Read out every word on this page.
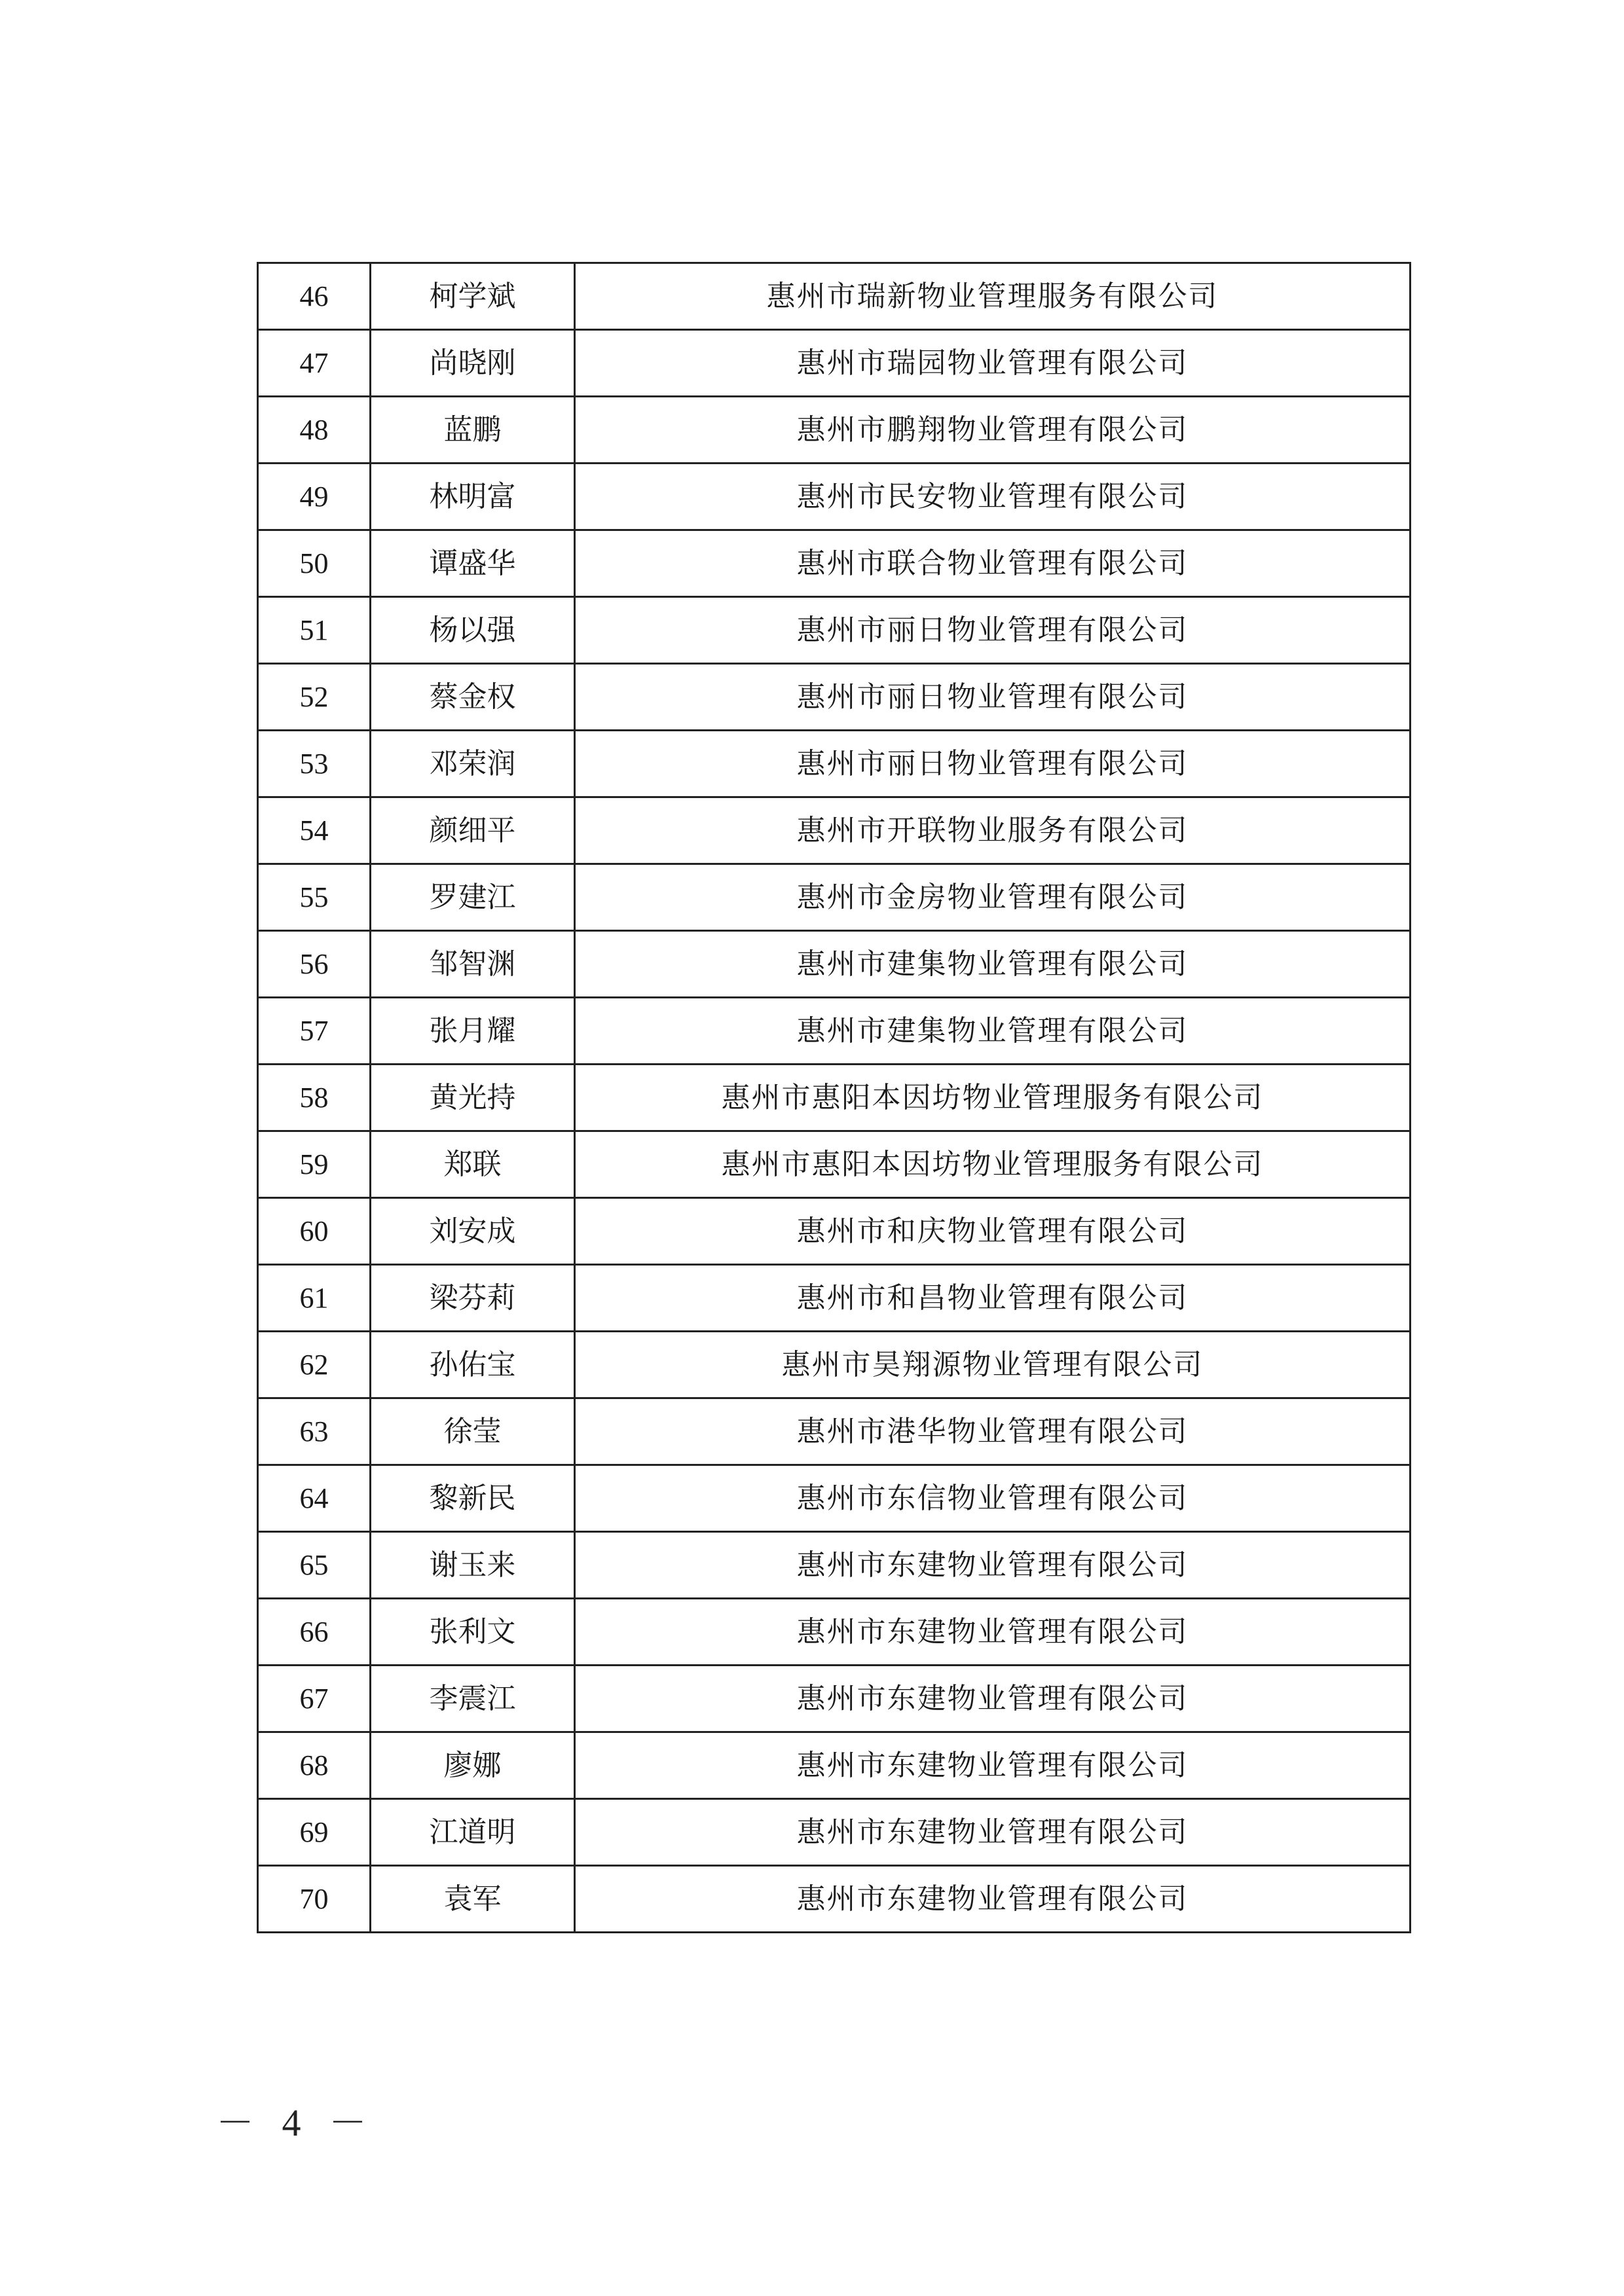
46	柯学斌	惠州市瑞新物业管理服务有限公司
47	尚晓刚	惠州市瑞园物业管理有限公司
48	蓝鹏	惠州市鹏翔物业管理有限公司
49	林明富	惠州市民安物业管理有限公司
50	谭盛华	惠州市联合物业管理有限公司
51	杨以强	惠州市丽日物业管理有限公司
52	蔡金权	惠州市丽日物业管理有限公司
53	邓荣润	惠州市丽日物业管理有限公司
54	颜细平	惠州市开联物业服务有限公司
55	罗建江	惠州市金房物业管理有限公司
56	邹智渊	惠州市建集物业管理有限公司
57	张月耀	惠州市建集物业管理有限公司
58	黄光持	惠州市惠阳本因坊物业管理服务有限公司
59	郑联	惠州市惠阳本因坊物业管理服务有限公司
60	刘安成	惠州市和庆物业管理有限公司
61	梁芬莉	惠州市和昌物业管理有限公司
62	孙佑宝	惠州市昊翔源物业管理有限公司
63	徐莹	惠州市港华物业管理有限公司
64	黎新民	惠州市东信物业管理有限公司
65	谢玉来	惠州市东建物业管理有限公司
66	张利文	惠州市东建物业管理有限公司
67	李震江	惠州市东建物业管理有限公司
68	廖娜	惠州市东建物业管理有限公司
69	江道明	惠州市东建物业管理有限公司
70	袁军	惠州市东建物业管理有限公司
－ 4 －
